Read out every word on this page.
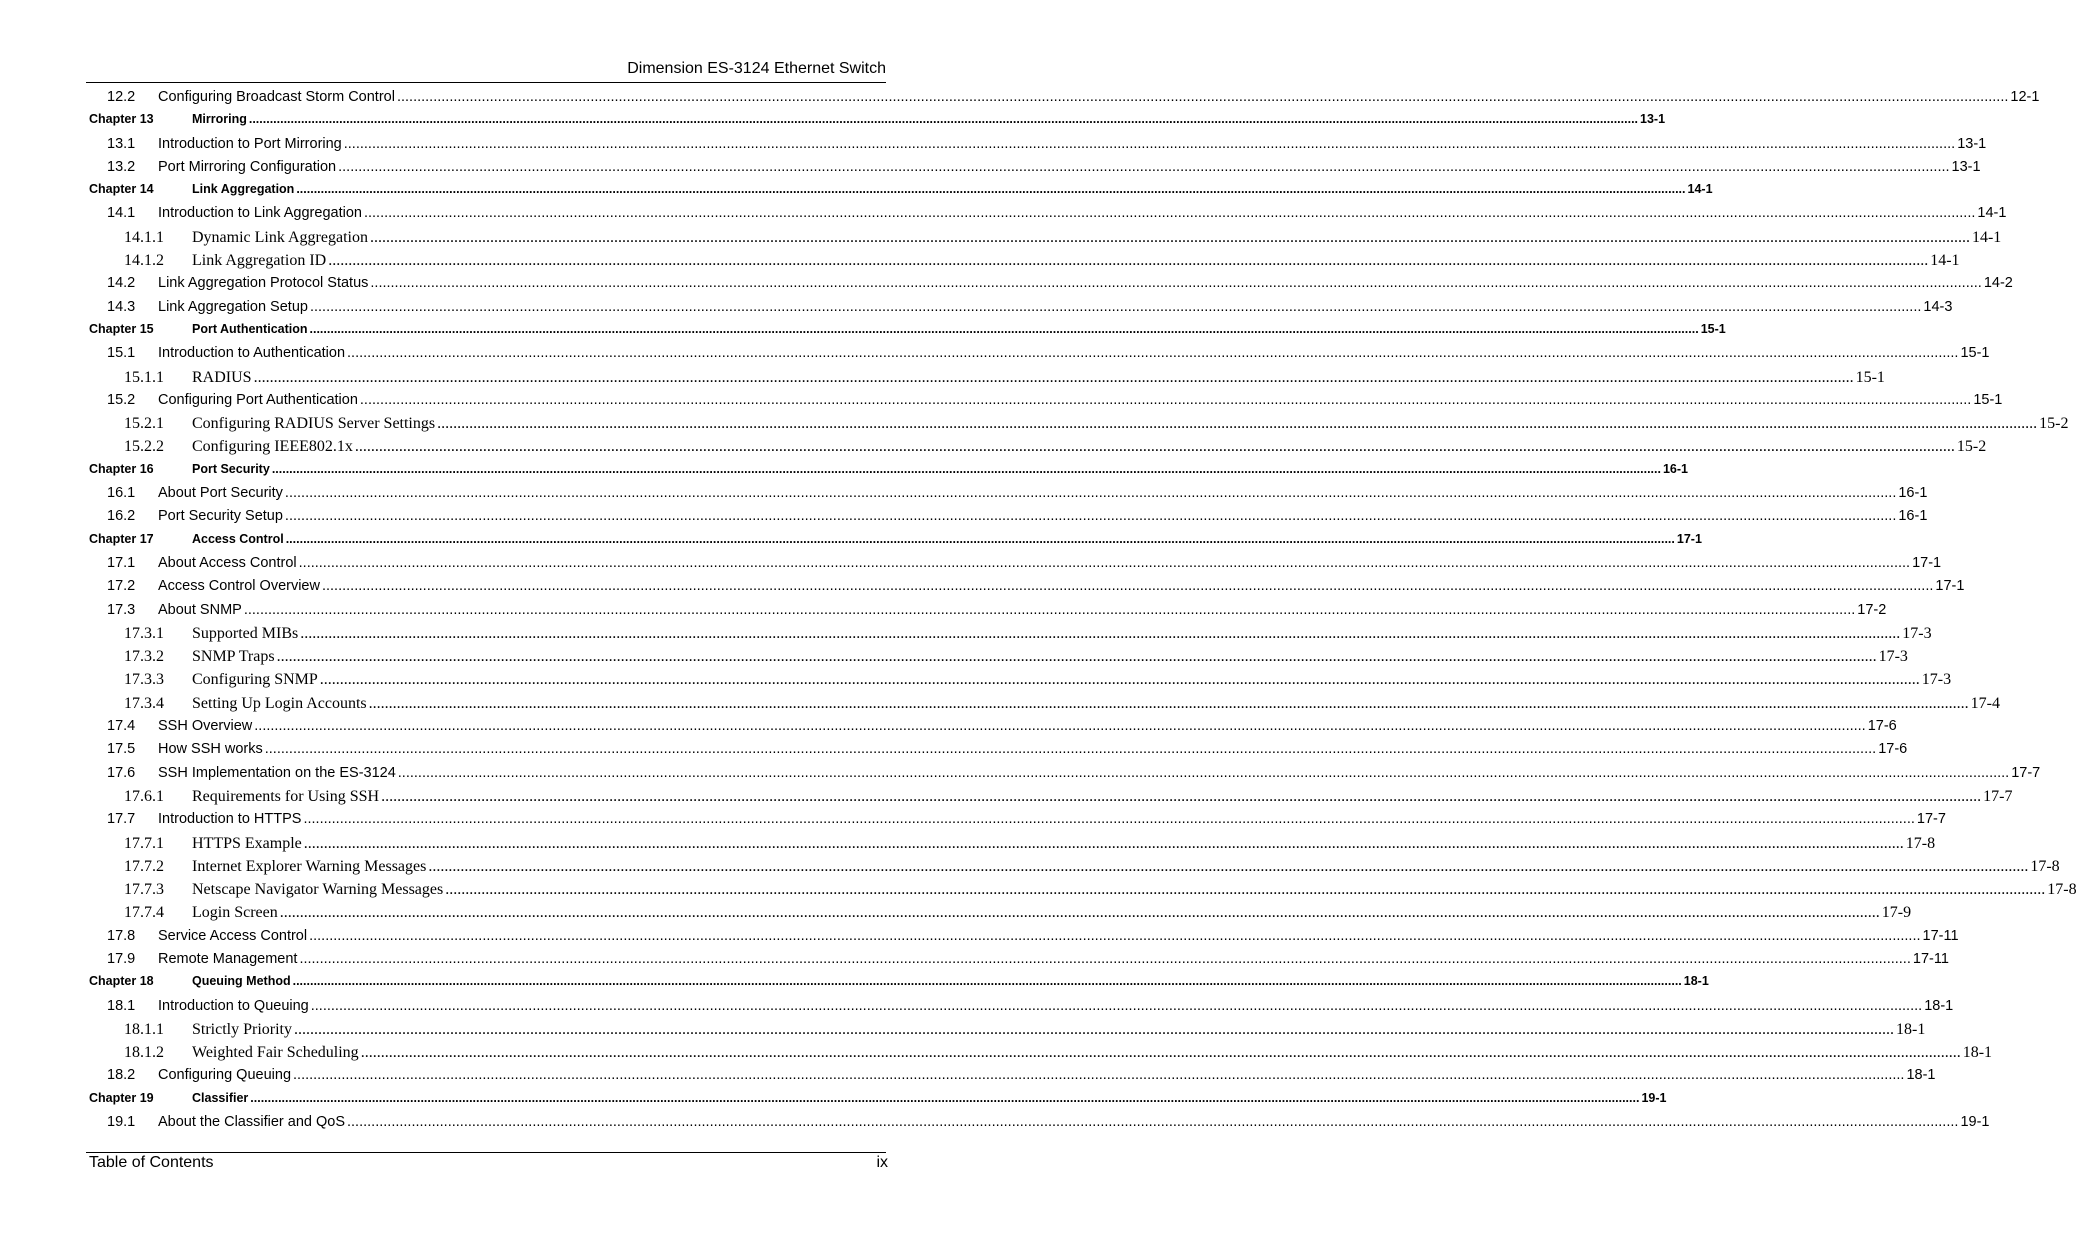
Dimension ES-3124 Ethernet Switch
12.2	Configuring Broadcast Storm Control ................................................................................................................................................................................................................................................................................................................................................................................................................ 12-1
Chapter 13	Mirroring ................................................................................................................................................................................................................................................................................................................................................................................................................ 13-1
13.1	Introduction to Port Mirroring ................................................................................................................................................................................................................................................................................................................................................................................................................ 13-1
13.2	Port Mirroring Configuration ................................................................................................................................................................................................................................................................................................................................................................................................................ 13-1
Chapter 14	Link Aggregation ................................................................................................................................................................................................................................................................................................................................................................................................................ 14-1
14.1	Introduction to Link Aggregation ................................................................................................................................................................................................................................................................................................................................................................................................................ 14-1
14.1.1	Dynamic Link Aggregation ................................................................................................................................................................................................................................................................................................................................................................................................................ 14-1
14.1.2	Link Aggregation ID ................................................................................................................................................................................................................................................................................................................................................................................................................ 14-1
14.2	Link Aggregation Protocol Status ................................................................................................................................................................................................................................................................................................................................................................................................................ 14-2
14.3	Link Aggregation Setup ................................................................................................................................................................................................................................................................................................................................................................................................................ 14-3
Chapter 15	Port Authentication ................................................................................................................................................................................................................................................................................................................................................................................................................ 15-1
15.1	Introduction to Authentication ................................................................................................................................................................................................................................................................................................................................................................................................................ 15-1
15.1.1	RADIUS ................................................................................................................................................................................................................................................................................................................................................................................................................ 15-1
15.2	Configuring Port Authentication ................................................................................................................................................................................................................................................................................................................................................................................................................ 15-1
15.2.1	Configuring RADIUS Server Settings ................................................................................................................................................................................................................................................................................................................................................................................................................ 15-2
15.2.2	Configuring IEEE802.1x ................................................................................................................................................................................................................................................................................................................................................................................................................ 15-2
Chapter 16	Port Security ................................................................................................................................................................................................................................................................................................................................................................................................................ 16-1
16.1	About Port Security ................................................................................................................................................................................................................................................................................................................................................................................................................ 16-1
16.2	Port Security Setup ................................................................................................................................................................................................................................................................................................................................................................................................................ 16-1
Chapter 17	Access Control ................................................................................................................................................................................................................................................................................................................................................................................................................ 17-1
17.1	About Access Control ................................................................................................................................................................................................................................................................................................................................................................................................................ 17-1
17.2	Access Control Overview ................................................................................................................................................................................................................................................................................................................................................................................................................ 17-1
17.3	About SNMP ................................................................................................................................................................................................................................................................................................................................................................................................................ 17-2
17.3.1	Supported MIBs ................................................................................................................................................................................................................................................................................................................................................................................................................ 17-3
17.3.2	SNMP Traps ................................................................................................................................................................................................................................................................................................................................................................................................................ 17-3
17.3.3	Configuring SNMP ................................................................................................................................................................................................................................................................................................................................................................................................................ 17-3
17.3.4	Setting Up Login Accounts ................................................................................................................................................................................................................................................................................................................................................................................................................ 17-4
17.4	SSH Overview ................................................................................................................................................................................................................................................................................................................................................................................................................ 17-6
17.5	How SSH works ................................................................................................................................................................................................................................................................................................................................................................................................................ 17-6
17.6	SSH Implementation on the ES-3124 ................................................................................................................................................................................................................................................................................................................................................................................................................ 17-7
17.6.1	Requirements for Using SSH ................................................................................................................................................................................................................................................................................................................................................................................................................ 17-7
17.7	Introduction to HTTPS ................................................................................................................................................................................................................................................................................................................................................................................................................ 17-7
17.7.1	HTTPS Example ................................................................................................................................................................................................................................................................................................................................................................................................................ 17-8
17.7.2	Internet Explorer Warning Messages ................................................................................................................................................................................................................................................................................................................................................................................................................ 17-8
17.7.3	Netscape Navigator Warning Messages ................................................................................................................................................................................................................................................................................................................................................................................................................ 17-8
17.7.4	Login Screen ................................................................................................................................................................................................................................................................................................................................................................................................................ 17-9
17.8	Service Access Control ................................................................................................................................................................................................................................................................................................................................................................................................................ 17-11
17.9	Remote Management ................................................................................................................................................................................................................................................................................................................................................................................................................ 17-11
Chapter 18	Queuing Method ................................................................................................................................................................................................................................................................................................................................................................................................................ 18-1
18.1	Introduction to Queuing ................................................................................................................................................................................................................................................................................................................................................................................................................ 18-1
18.1.1	Strictly Priority ................................................................................................................................................................................................................................................................................................................................................................................................................ 18-1
18.1.2	Weighted Fair Scheduling ................................................................................................................................................................................................................................................................................................................................................................................................................ 18-1
18.2	Configuring Queuing ................................................................................................................................................................................................................................................................................................................................................................................................................ 18-1
Chapter 19	Classifier ................................................................................................................................................................................................................................................................................................................................................................................................................ 19-1
19.1	About the Classifier and QoS ................................................................................................................................................................................................................................................................................................................................................................................................................ 19-1
Table of Contents	ix
